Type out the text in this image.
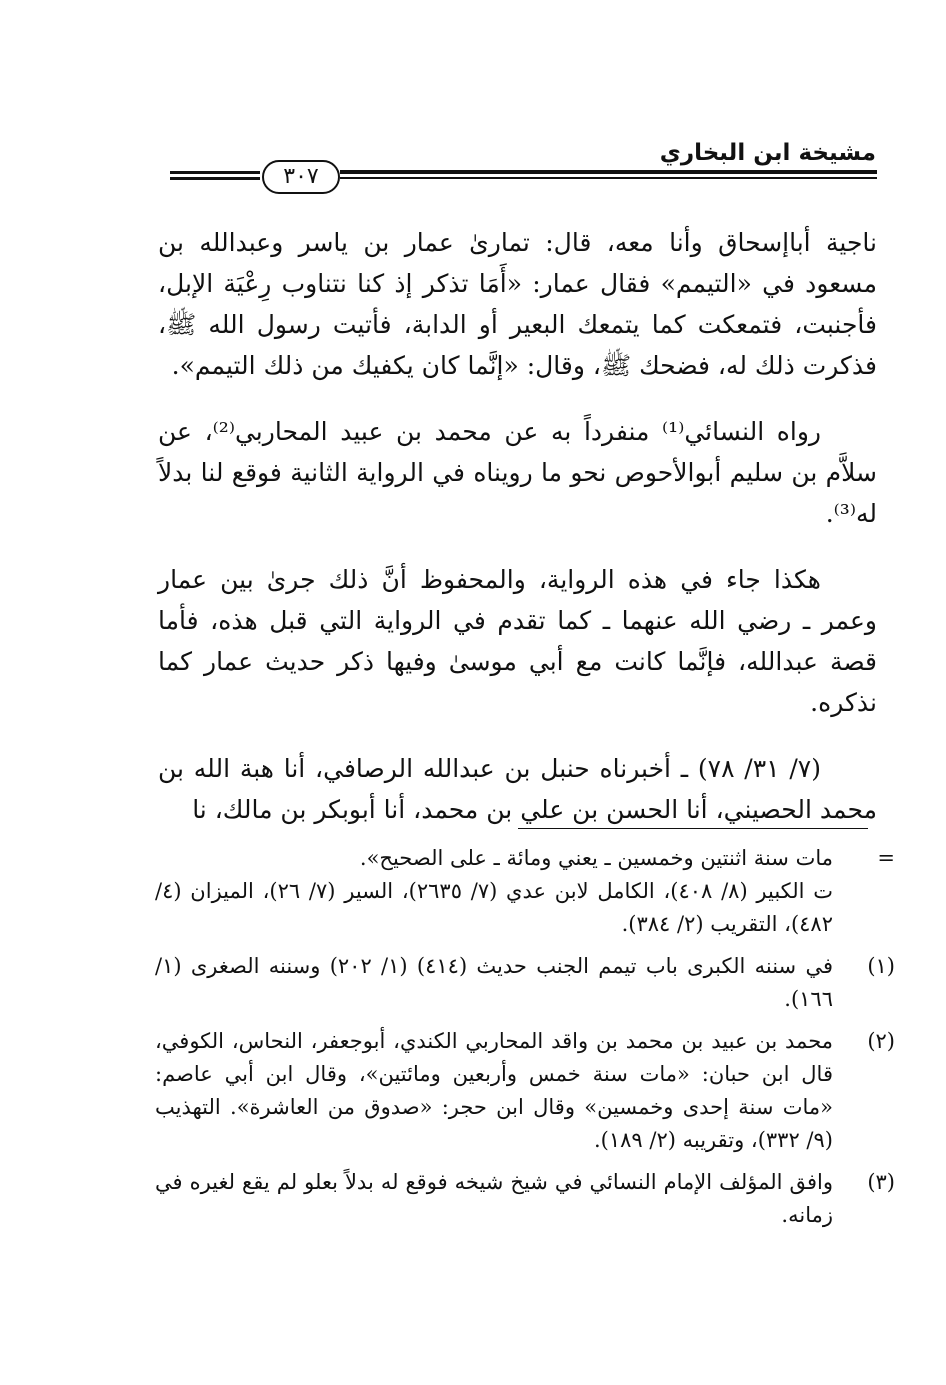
مشيخة ابن البخاري
٣٠٧

ناجية أباإسحاق وأنا معه، قال: تمارىٰ عمار بن ياسر وعبدالله بن مسعود في «التيمم» فقال عمار: «أَمَا تذكر إذ كنا نتناوب رِعْيَة الإبل، فأجنبت، فتمعكت كما يتمعك البعير أو الدابة، فأتيت رسول الله ﷺ، فذكرت ذلك له، فضحك ﷺ، وقال: «إنَّما كان يكفيك من ذلك التيمم».

رواه النسائي⁽¹⁾ منفرداً به عن محمد بن عبيد المحاربي⁽²⁾، عن سلاَّم بن سليم أبوالأحوص نحو ما رويناه في الرواية الثانية فوقع لنا بدلاً له⁽³⁾.

هكذا جاء في هذه الرواية، والمحفوظ أنَّ ذلك جرىٰ بين عمار وعمر ـ رضي الله عنهما ـ كما تقدم في الرواية التي قبل هذه، فأما قصة عبدالله، فإنَّما كانت مع أبي موسىٰ وفيها ذكر حديث عمار كما نذكره.

(٧/ ٣١/ ٧٨) ـ أخبرناه حنبل بن عبدالله الرصافي، أنا هبة الله بن محمد الحصيني، أنا الحسن بن علي بن محمد، أنا أبوبكر بن مالك، نا

=
مات سنة اثنتين وخمسين ـ يعني ومائة ـ على الصحيح».
ت الكبير (٨/ ٤٠٨)، الكامل لابن عدي (٧/ ٢٦٣٥)، السير (٧/ ٢٦)، الميزان (٤/ ٤٨٢)، التقريب (٢/ ٣٨٤).
(١)
في سننه الكبرى باب تيمم الجنب حديث (٤١٤) (١/ ٢٠٢) وسننه الصغرى (١/ ١٦٦).
(٢)
محمد بن عبيد بن محمد بن واقد المحاربي الكندي، أبوجعفر، النحاس، الكوفي، قال ابن حبان: «مات سنة خمس وأربعين ومائتين»، وقال ابن أبي عاصم: «مات سنة إحدى وخمسين» وقال ابن حجر: «صدوق من العاشرة». التهذيب (٩/ ٣٣٢)، وتقريبه (٢/ ١٨٩).
(٣)
وافق المؤلف الإمام النسائي في شيخ شيخه فوقع له بدلاً بعلو لم يقع لغيره في زمانه.
